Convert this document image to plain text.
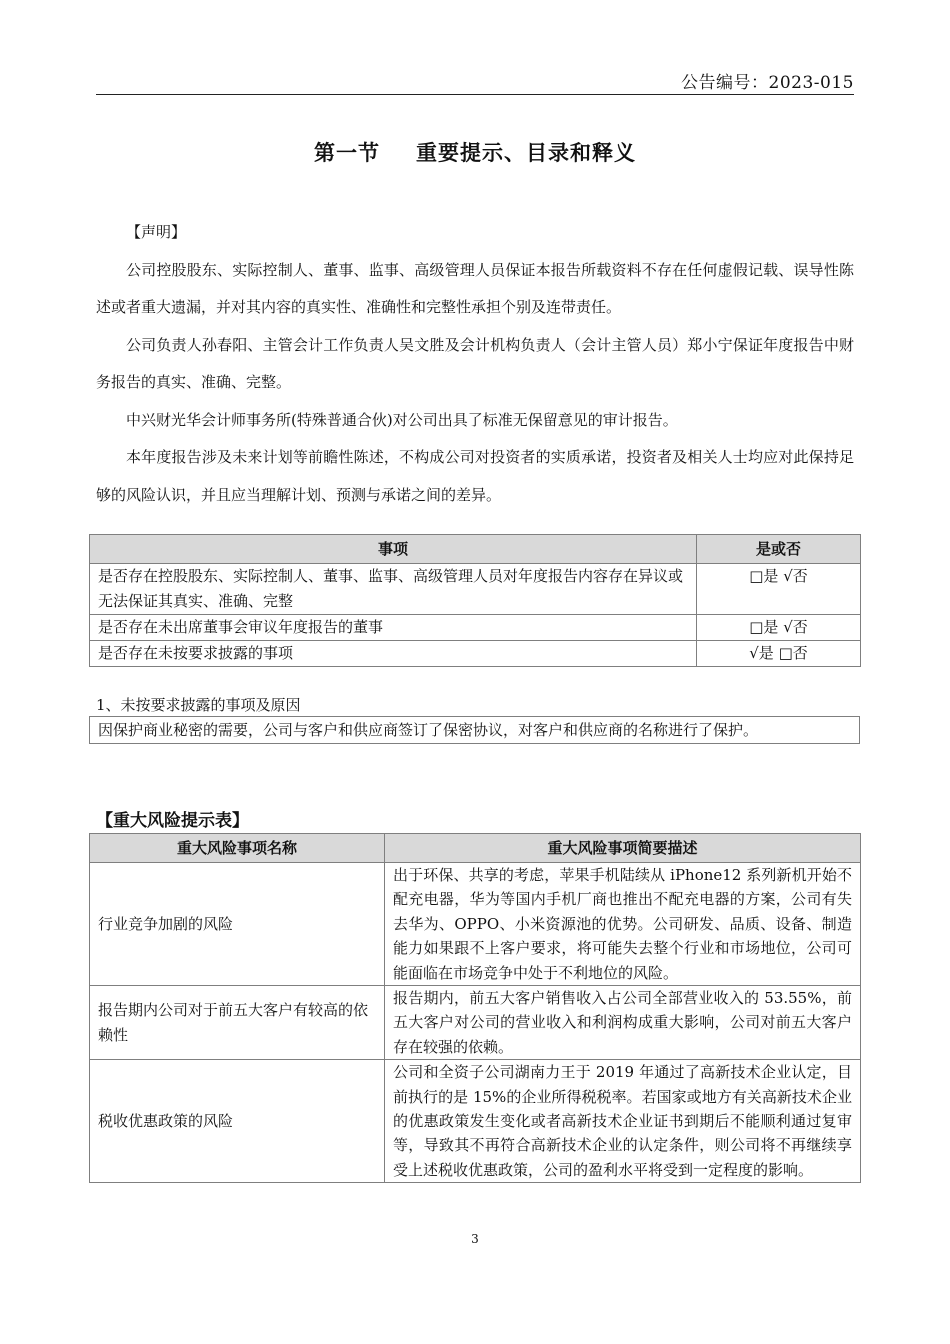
公告编号：2023-015
第一节 重要提示、目录和释义

【声明】

公司控股股东、实际控制人、董事、监事、高级管理人员保证本报告所载资料不存在任何虚假记载、误导性陈述或者重大遗漏，并对其内容的真实性、准确性和完整性承担个别及连带责任。

公司负责人孙春阳、主管会计工作负责人吴文胜及会计机构负责人（会计主管人员）郑小宁保证年度报告中财务报告的真实、准确、完整。

中兴财光华会计师事务所(特殊普通合伙)对公司出具了标准无保留意见的审计报告。

本年度报告涉及未来计划等前瞻性陈述，不构成公司对投资者的实质承诺，投资者及相关人士均应对此保持足够的风险认识，并且应当理解计划、预测与承诺之间的差异。

事项	是或否
是否存在控股股东、实际控制人、董事、监事、高级管理人员对年度报告内容存在异议或无法保证其真实、准确、完整	□是 √否
是否存在未出席董事会审议年度报告的董事	□是 √否
是否存在未按要求披露的事项	√是 □否
1、未按要求披露的事项及原因
因保护商业秘密的需要，公司与客户和供应商签订了保密协议，对客户和供应商的名称进行了保护。
【重大风险提示表】
重大风险事项名称	重大风险事项简要描述
行业竞争加剧的风险	出于环保、共享的考虑，苹果手机陆续从 iPhone12 系列新机开始不配充电器，华为等国内手机厂商也推出不配充电器的方案，公司有失去华为、OPPO、小米资源池的优势。公司研发、品质、设备、制造能力如果跟不上客户要求，将可能失去整个行业和市场地位，公司可能面临在市场竞争中处于不利地位的风险。
报告期内公司对于前五大客户有较高的依赖性	报告期内，前五大客户销售收入占公司全部营业收入的 53.55%，前五大客户对公司的营业收入和利润构成重大影响，公司对前五大客户存在较强的依赖。
税收优惠政策的风险	公司和全资子公司湖南力王于 2019 年通过了高新技术企业认定，目前执行的是 15%的企业所得税税率。若国家或地方有关高新技术企业的优惠政策发生变化或者高新技术企业证书到期后不能顺利通过复审等，导致其不再符合高新技术企业的认定条件，则公司将不再继续享受上述税收优惠政策，公司的盈利水平将受到一定程度的影响。
3
